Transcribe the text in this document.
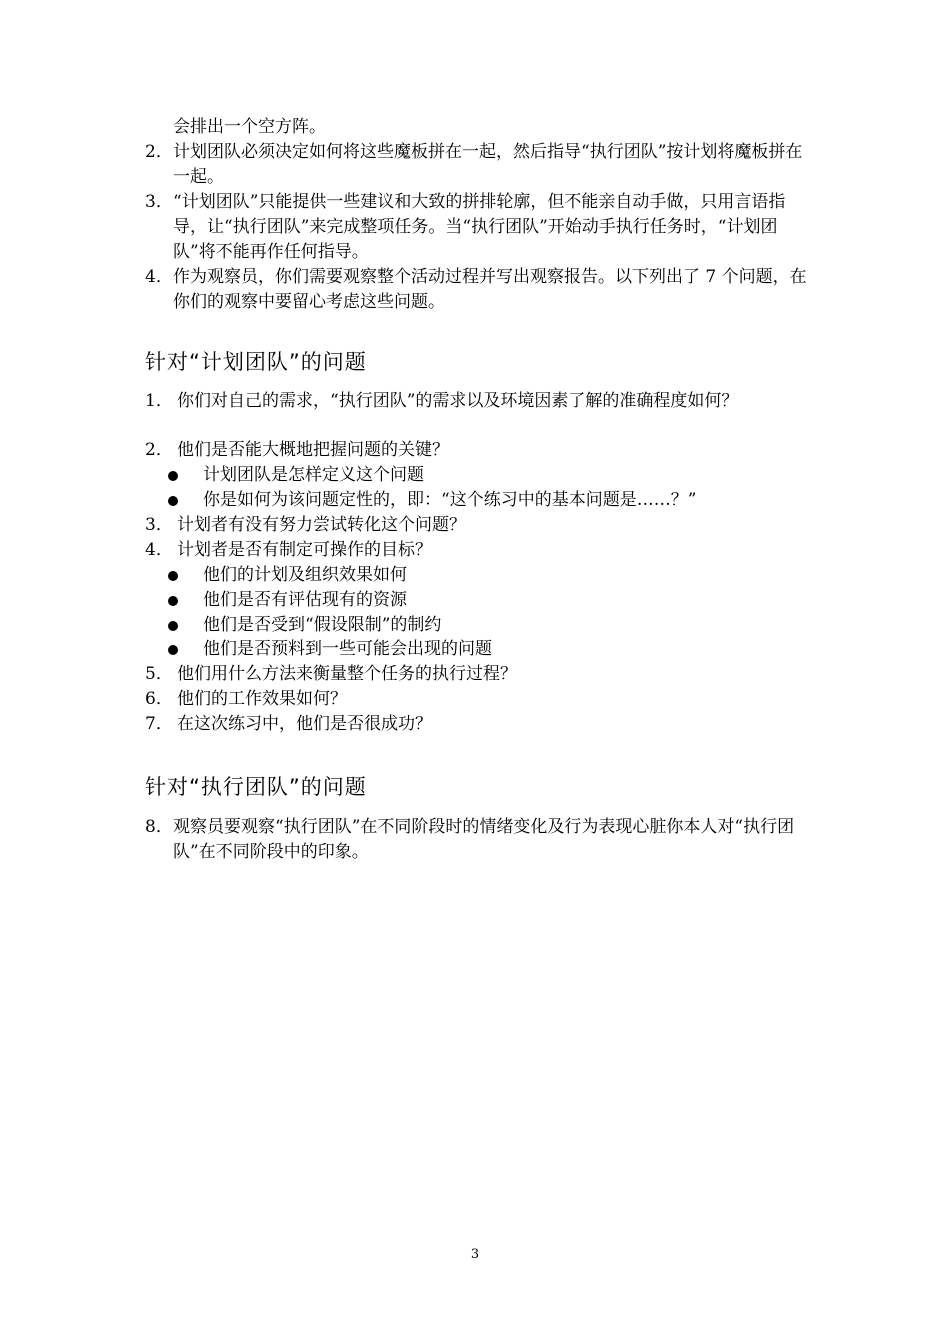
会排出一个空方阵。
2． 计划团队必须决定如何将这些魔板拼在一起，然后指导“执行团队”按计划将魔板拼在一起。
3． “计划团队”只能提供一些建议和大致的拼排轮廓，但不能亲自动手做，只用言语指导，让“执行团队”来完成整项任务。当“执行团队”开始动手执行任务时，“计划团队”将不能再作任何指导。
4． 作为观察员，你们需要观察整个活动过程并写出观察报告。以下列出了 7 个问题，在你们的观察中要留心考虑这些问题。
针对“计划团队”的问题
1． 你们对自己的需求，“执行团队”的需求以及环境因素了解的准确程度如何？
2． 他们是否能大概地把握问题的关键？
计划团队是怎样定义这个问题
你是如何为该问题定性的，即：“这个练习中的基本问题是……？”
3． 计划者有没有努力尝试转化这个问题？
4． 计划者是否有制定可操作的目标？
他们的计划及组织效果如何
他们是否有评估现有的资源
他们是否受到“假设限制”的制约
他们是否预料到一些可能会出现的问题
5． 他们用什么方法来衡量整个任务的执行过程？
6． 他们的工作效果如何？
7． 在这次练习中，他们是否很成功？
针对“执行团队”的问题
8． 观察员要观察“执行团队”在不同阶段时的情绪变化及行为表现心脏你本人对“执行团队”在不同阶段中的印象。
3
